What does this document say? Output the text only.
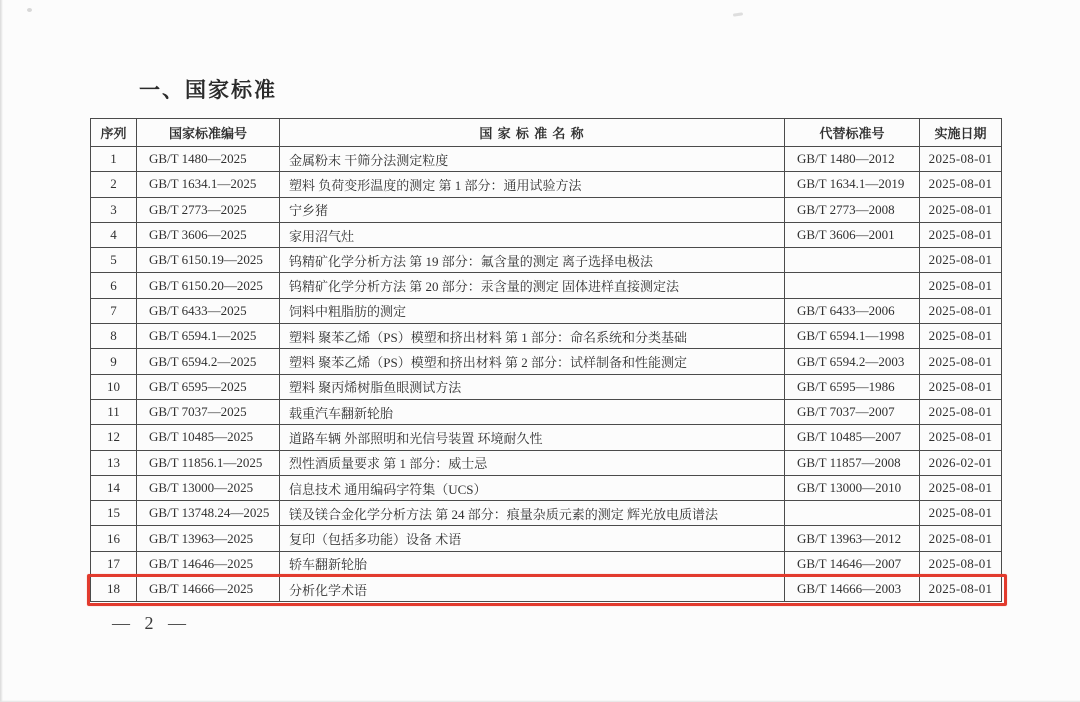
一、国家标准
序列	国家标准编号	国 家 标 准 名 称	代替标准号	实施日期
1	GB/T 1480—2025	金属粉末 干筛分法测定粒度	GB/T 1480—2012	2025-08-01
2	GB/T 1634.1—2025	塑料 负荷变形温度的测定 第 1 部分：通用试验方法	GB/T 1634.1—2019	2025-08-01
3	GB/T 2773—2025	宁乡猪	GB/T 2773—2008	2025-08-01
4	GB/T 3606—2025	家用沼气灶	GB/T 3606—2001	2025-08-01
5	GB/T 6150.19—2025	钨精矿化学分析方法 第 19 部分：氟含量的测定 离子选择电极法		2025-08-01
6	GB/T 6150.20—2025	钨精矿化学分析方法 第 20 部分：汞含量的测定 固体进样直接测定法		2025-08-01
7	GB/T 6433—2025	饲料中粗脂肪的测定	GB/T 6433—2006	2025-08-01
8	GB/T 6594.1—2025	塑料 聚苯乙烯（PS）模塑和挤出材料 第 1 部分：命名系统和分类基础	GB/T 6594.1—1998	2025-08-01
9	GB/T 6594.2—2025	塑料 聚苯乙烯（PS）模塑和挤出材料 第 2 部分：试样制备和性能测定	GB/T 6594.2—2003	2025-08-01
10	GB/T 6595—2025	塑料 聚丙烯树脂鱼眼测试方法	GB/T 6595—1986	2025-08-01
11	GB/T 7037—2025	载重汽车翻新轮胎	GB/T 7037—2007	2025-08-01
12	GB/T 10485—2025	道路车辆 外部照明和光信号装置 环境耐久性	GB/T 10485—2007	2025-08-01
13	GB/T 11856.1—2025	烈性酒质量要求 第 1 部分：威士忌	GB/T 11857—2008	2026-02-01
14	GB/T 13000—2025	信息技术 通用编码字符集（UCS）	GB/T 13000—2010	2025-08-01
15	GB/T 13748.24—2025	镁及镁合金化学分析方法 第 24 部分：痕量杂质元素的测定 辉光放电质谱法		2025-08-01
16	GB/T 13963—2025	复印（包括多功能）设备 术语	GB/T 13963—2012	2025-08-01
17	GB/T 14646—2025	轿车翻新轮胎	GB/T 14646—2007	2025-08-01
18	GB/T 14666—2025	分析化学术语	GB/T 14666—2003	2025-08-01
— 2 —
